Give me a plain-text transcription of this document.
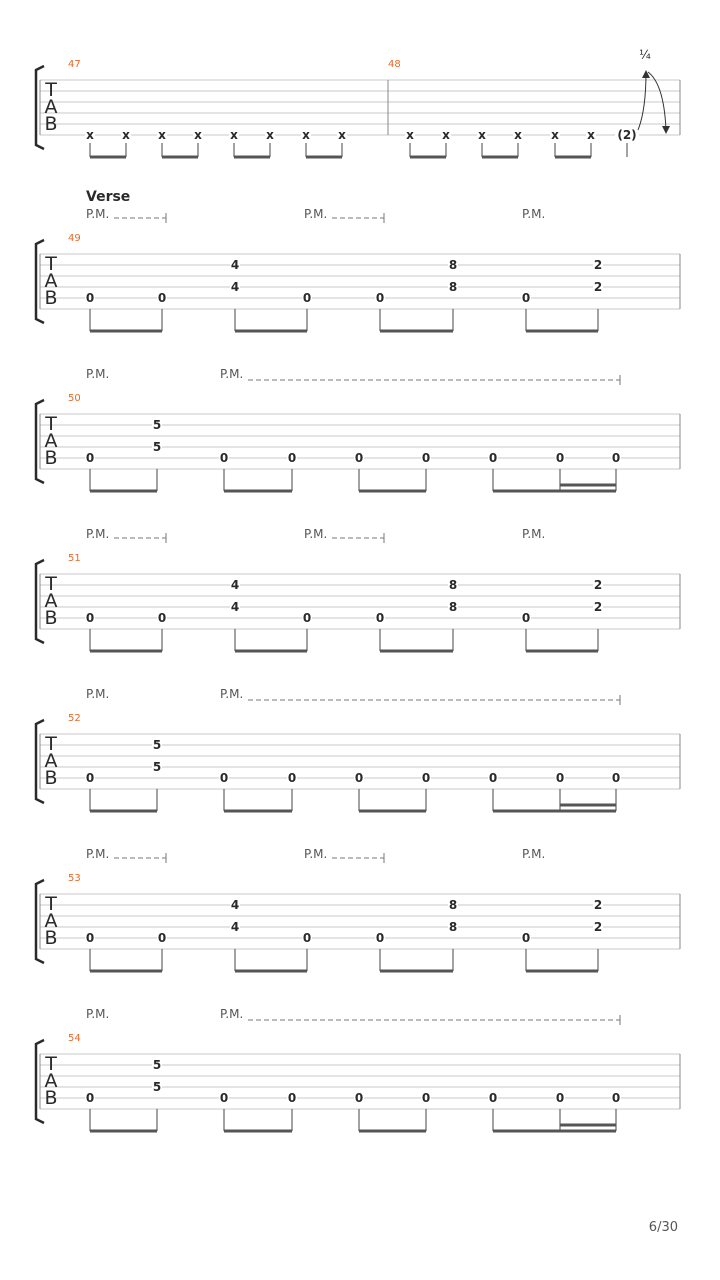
T
A
B
47	48
x x x x x x x x	x x x x x x (2)
¼
T
A
B
49
Verse
P.M.	P.M.	P.M.
0	0
4
4
0	0
8
8
0
2
2
T
A
B
50
P.M.	P.M.
0
5
5
0	0	0	0	0	0	0
T
A
B
51
P.M.	P.M.	P.M.
0	0
4
4
0	0
8
8
0
2
2
T
A
B
52
P.M.	P.M.
0
5
5
0	0	0	0	0	0	0
T
A
B
53
P.M.	P.M.	P.M.
0	0
4
4
0	0
8
8
0
2
2
T
A
B
54
P.M.	P.M.
0
5
5
0	0	0	0	0	0	0
6/30
